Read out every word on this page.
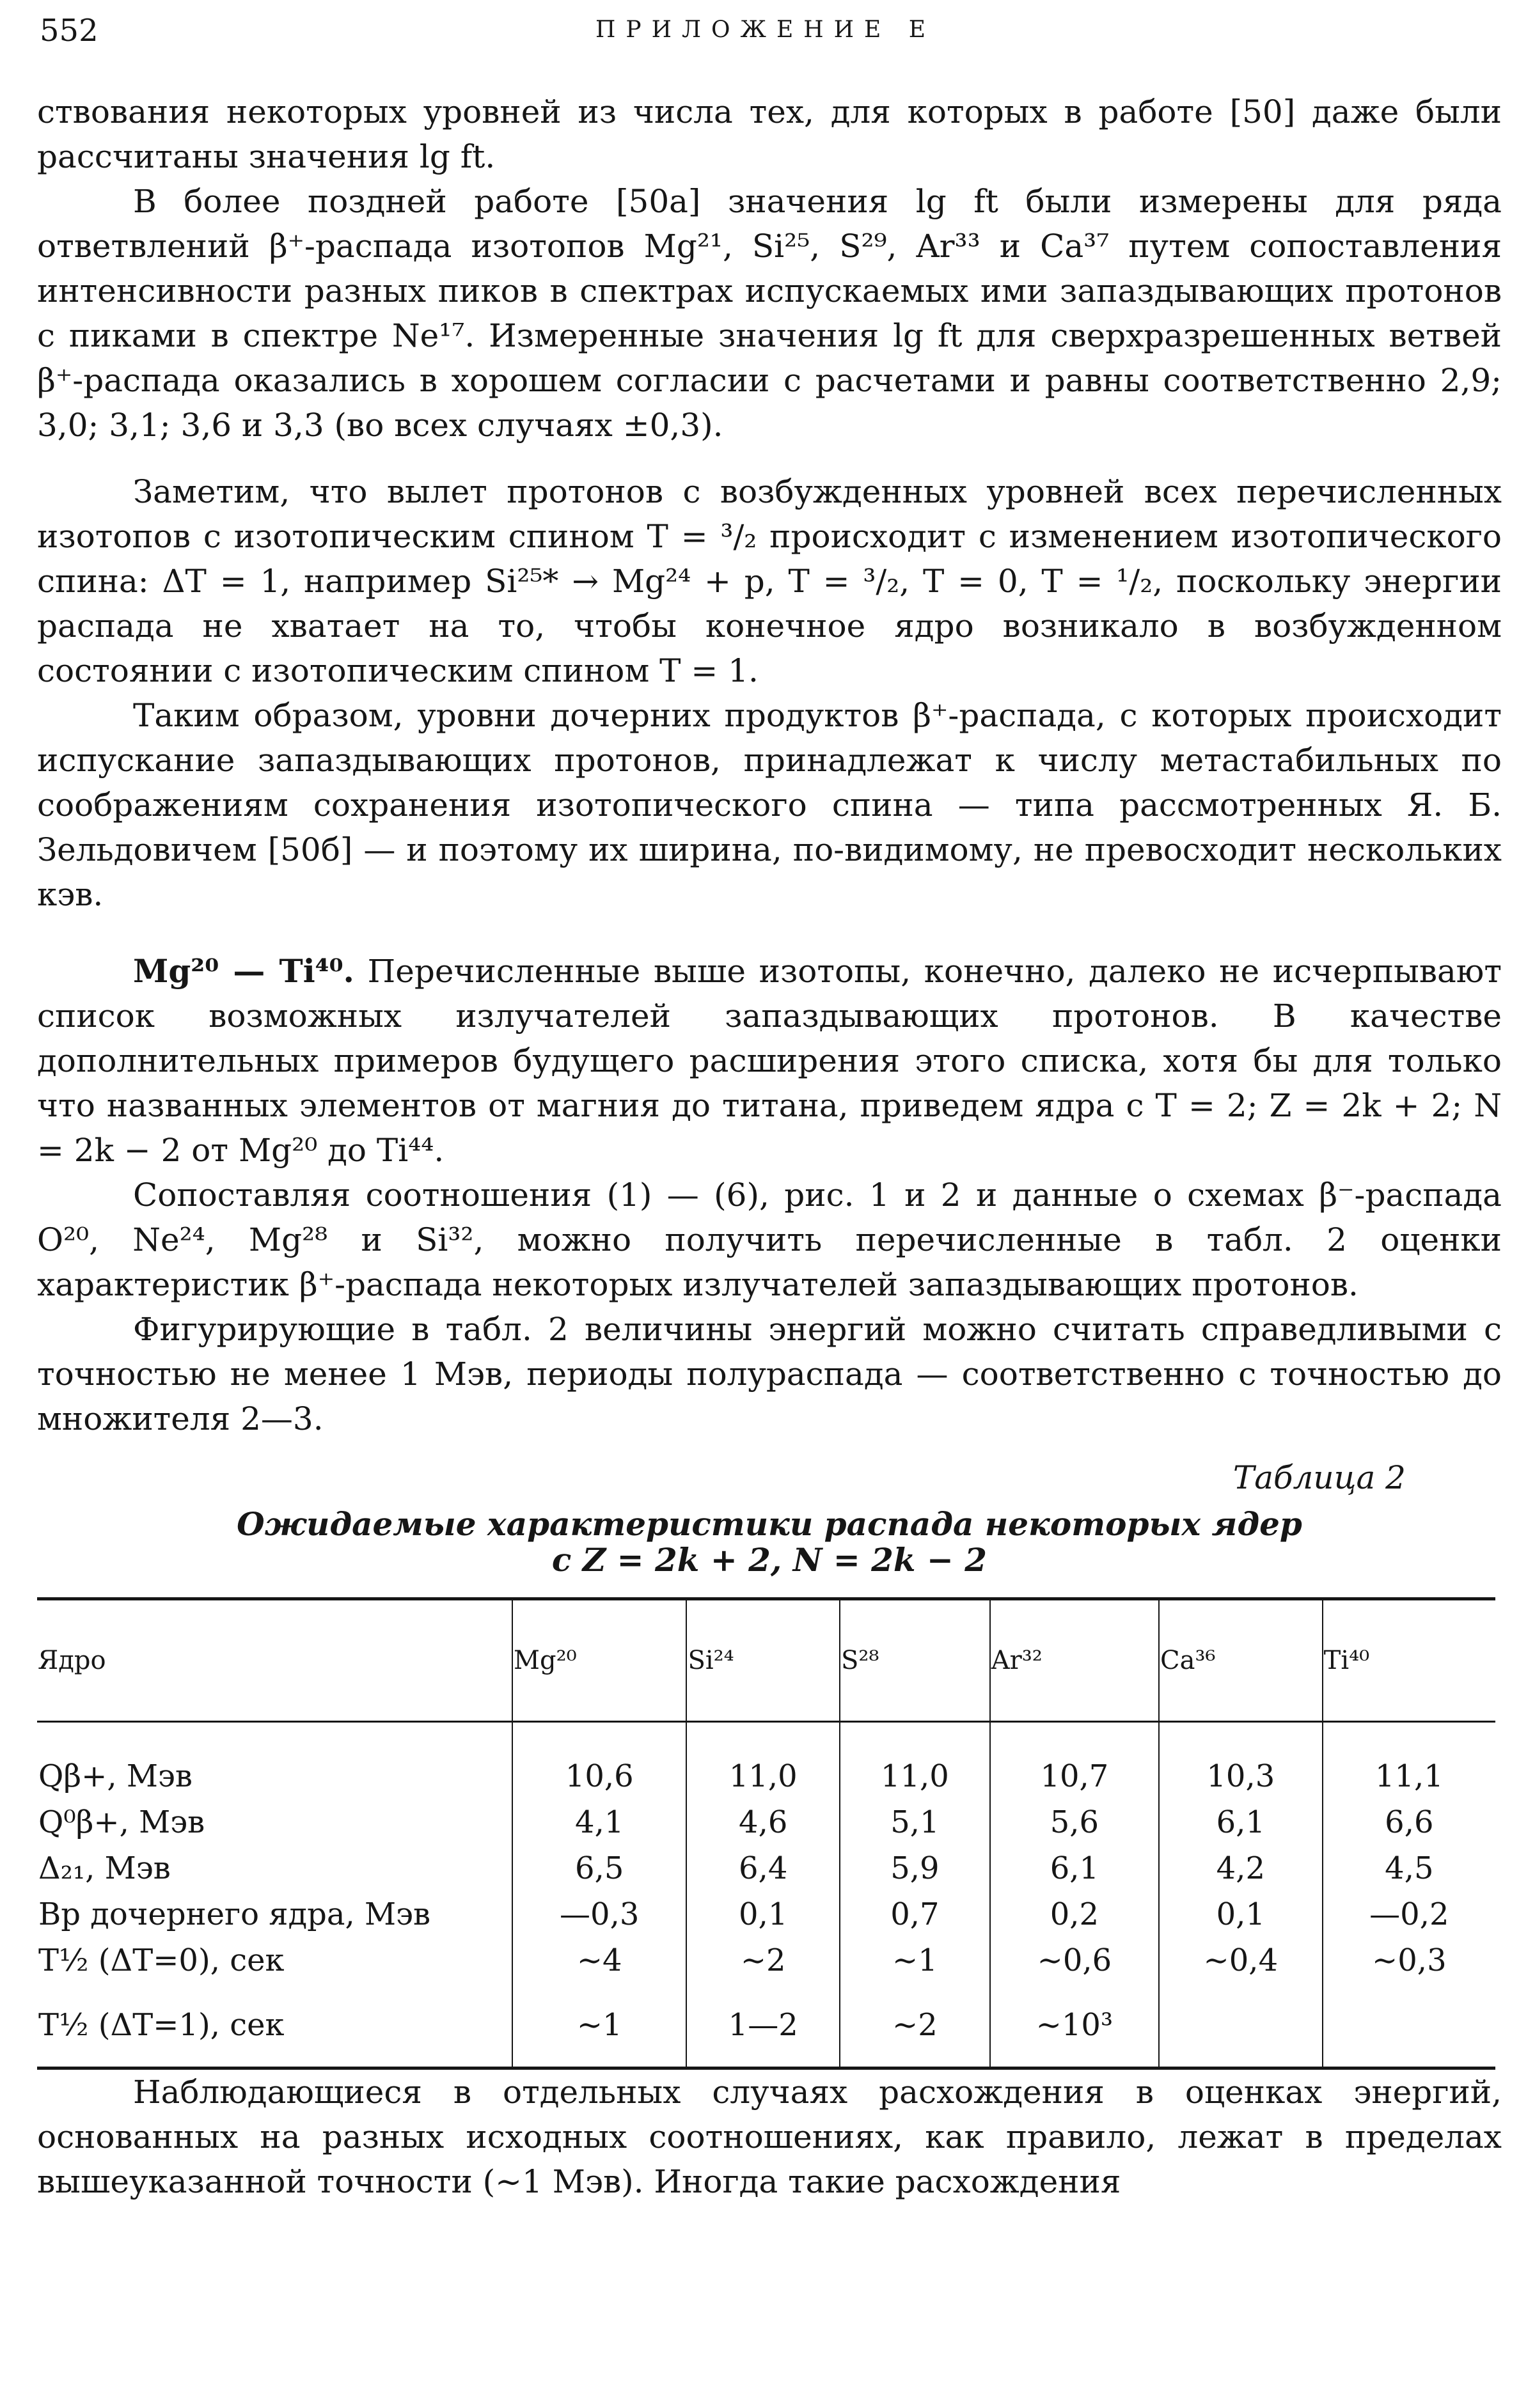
552	ПРИЛОЖЕНИЕ Е

ствования некоторых уровней из числа тех, для которых в работе [50] даже были рассчитаны значения lg ft.

В более поздней работе [50а] значения lg ft были измерены для ряда ответвлений β⁺-распада изотопов Mg²¹, Si²⁵, S²⁹, Ar³³ и Ca³⁷ путем сопоставления интенсивности разных пиков в спектрах испускаемых ими запаздывающих протонов с пиками в спектре Ne¹⁷. Измеренные значения lg ft для сверхразрешенных ветвей β⁺-распада оказались в хорошем согласии с расчетами и равны соответственно 2,9; 3,0; 3,1; 3,6 и 3,3 (во всех случаях ±0,3).

Заметим, что вылет протонов с возбужденных уровней всех перечисленных изотопов с изотопическим спином T = ³/₂ происходит с изменением изотопического спина: ΔT = 1, например Si²⁵* → Mg²⁴ + p, T = ³/₂, T = 0, T = ¹/₂, поскольку энергии распада не хватает на то, чтобы конечное ядро возникало в возбужденном состоянии с изотопическим спином T = 1.

Таким образом, уровни дочерних продуктов β⁺-распада, с которых происходит испускание запаздывающих протонов, принадлежат к числу метастабильных по соображениям сохранения изотопического спина — типа рассмотренных Я. Б. Зельдовичем [50б] — и поэтому их ширина, по-видимому, не превосходит нескольких кэв.

Mg²⁰ — Ti⁴⁰. Перечисленные выше изотопы, конечно, далеко не исчерпывают список возможных излучателей запаздывающих протонов. В качестве дополнительных примеров будущего расширения этого списка, хотя бы для только что названных элементов от магния до титана, приведем ядра с T = 2; Z = 2k + 2; N = 2k − 2 от Mg²⁰ до Ti⁴⁴.

Сопоставляя соотношения (1) — (6), рис. 1 и 2 и данные о схемах β⁻-распада O²⁰, Ne²⁴, Mg²⁸ и Si³², можно получить перечисленные в табл. 2 оценки характеристик β⁺-распада некоторых излучателей запаздывающих протонов.

Фигурирующие в табл. 2 величины энергий можно считать справедливыми с точностью не менее 1 Мэв, периоды полураспада — соответственно с точностью до множителя 2—3.

Таблица 2
Ожидаемые характеристики распада некоторых ядер
с Z = 2k + 2, N = 2k − 2
Ядро	Mg²⁰	Si²⁴	S²⁸	Ar³²	Ca³⁶	Ti⁴⁰
Qβ+, Мэв	10,6	11,0	11,0	10,7	10,3	11,1
Q⁰β+, Мэв	4,1	4,6	5,1	5,6	6,1	6,6
Δ₂₁, Мэв	6,5	6,4	5,9	6,1	4,2	4,5
Bp дочернего ядра, Мэв	—0,3	0,1	0,7	0,2	0,1	—0,2
T½ (ΔT=0), сек	∼4	∼2	∼1	∼0,6	∼0,4	∼0,3
T½ (ΔT=1), сек	∼1	1—2	∼2	∼10³		

Наблюдающиеся в отдельных случаях расхождения в оценках энергий, основанных на разных исходных соотношениях, как правило, лежат в пределах вышеуказанной точности (∼1 Мэв). Иногда такие расхождения
